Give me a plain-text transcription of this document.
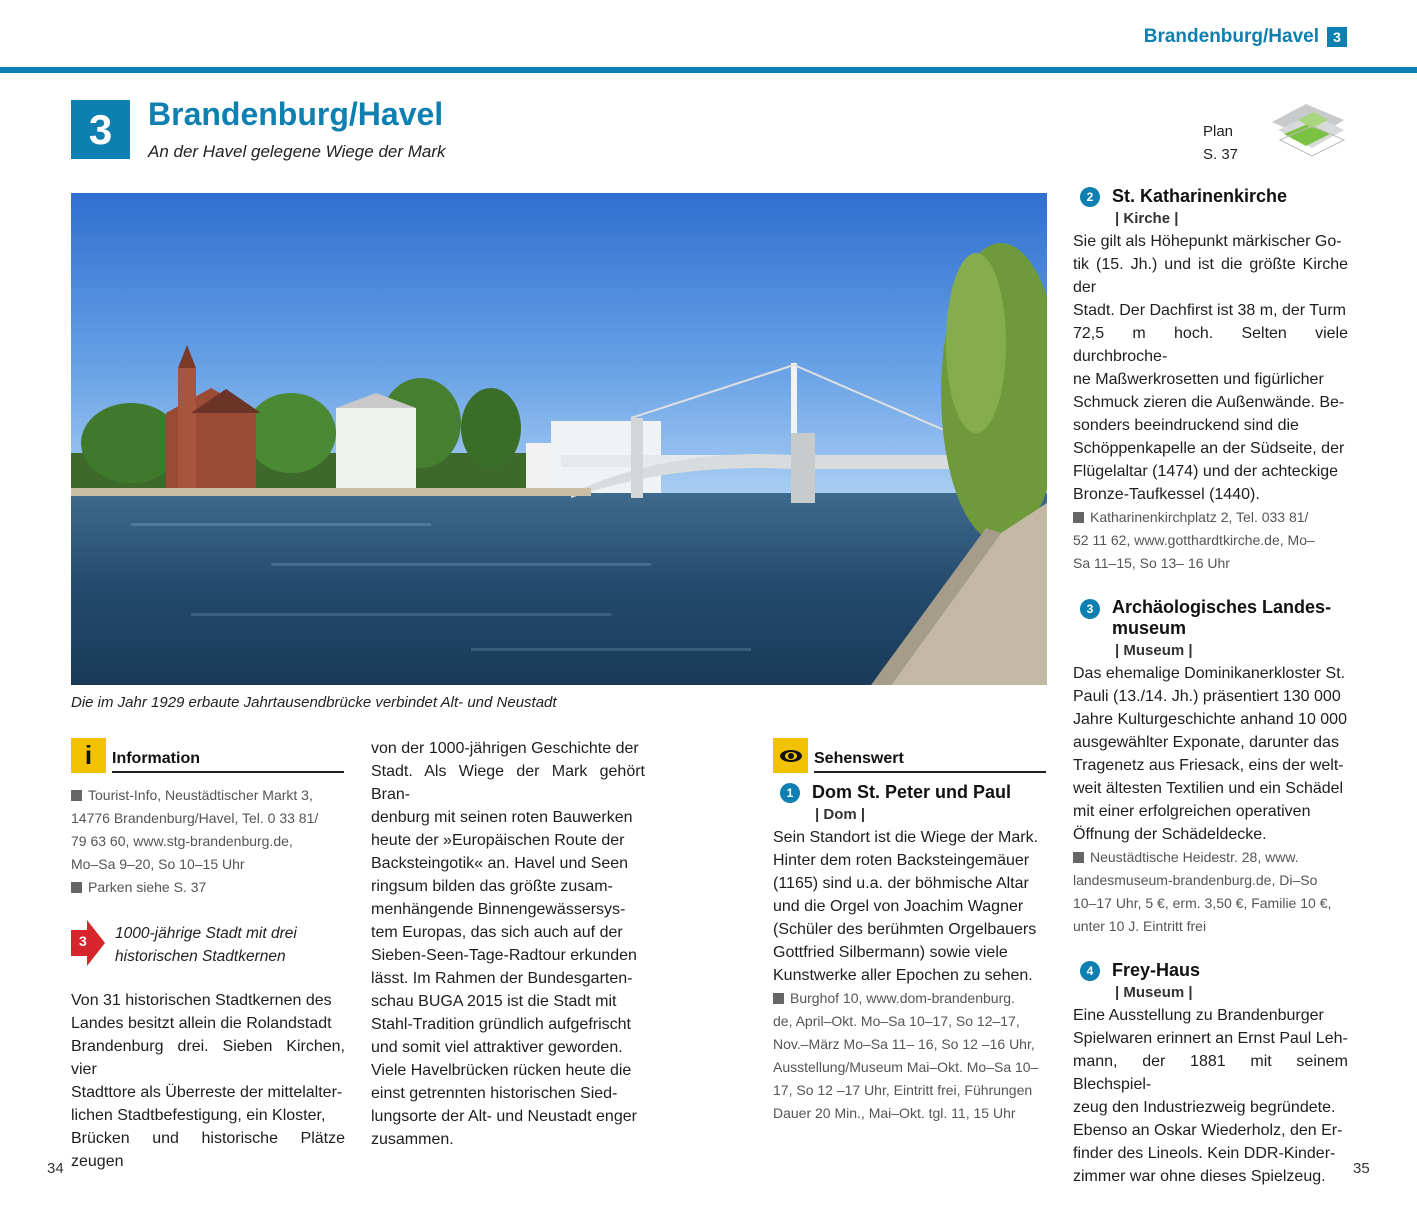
Brandenburg/Havel	3
3	Brandenburg/Havel
An der Havel gelegene Wiege der Mark
Plan
S. 37
Die im Jahr 1929 erbaute Jahrtausendbrücke verbindet Alt- und Neustadt
i	Information
Tourist-Info, Neustädtischer Markt 3,
14776 Brandenburg/Havel, Tel. 0 33 81/
79 63 60, www.stg-brandenburg.de,
Mo–Sa 9–20, So 10–15 Uhr
Parken siehe S. 37
3 1000-jährige Stadt mit drei
historischen Stadtkernen
Von 31 historischen Stadtkernen des
Landes besitzt allein die Rolandstadt
Brandenburg drei. Sieben Kirchen, vier
Stadttore als Überreste der mittelalter-
lichen Stadtbefestigung, ein Kloster,
Brücken und historische Plätze zeugen
von der 1000-jährigen Geschichte der
Stadt. Als Wiege der Mark gehört Bran-
denburg mit seinen roten Bauwerken
heute der »Europäischen Route der
Backsteingotik« an. Havel und Seen
ringsum bilden das größte zusam-
menhängende Binnengewässersys-
tem Europas, das sich auch auf der
Sieben-Seen-Tage-Radtour erkunden
lässt. Im Rahmen der Bundesgarten-
schau BUGA 2015 ist die Stadt mit
Stahl-Tradition gründlich aufgefrischt
und somit viel attraktiver geworden.
Viele Havelbrücken rücken heute die
einst getrennten historischen Sied-
lungsorte der Alt- und Neustadt enger
zusammen.
Sehenswert
1	Dom St. Peter und Paul
| Dom |
Sein Standort ist die Wiege der Mark.
Hinter dem roten Backsteingemäuer
(1165) sind u.a. der böhmische Altar
und die Orgel von Joachim Wagner
(Schüler des berühmten Orgelbauers
Gottfried Silbermann) sowie viele
Kunstwerke aller Epochen zu sehen.
Burghof 10, www.dom-brandenburg.
de, April–Okt. Mo–Sa 10–17, So 12–17,
Nov.–März Mo–Sa 11– 16, So 12 –16 Uhr,
Ausstellung/Museum Mai–Okt. Mo–Sa 10–
17, So 12 –17 Uhr, Eintritt frei, Führungen
Dauer 20 Min., Mai–Okt. tgl. 11, 15 Uhr
2	St. Katharinenkirche
| Kirche |
Sie gilt als Höhepunkt märkischer Go-
tik (15. Jh.) und ist die größte Kirche der
Stadt. Der Dachfirst ist 38 m, der Turm
72,5 m hoch. Selten viele durchbroche-
ne Maßwerkrosetten und figürlicher
Schmuck zieren die Außenwände. Be-
sonders beeindruckend sind die
Schöppenkapelle an der Südseite, der
Flügelaltar (1474) und der achteckige
Bronze-Taufkessel (1440).
Katharinenkirchplatz 2, Tel. 033 81/
52 11 62, www.gotthardtkirche.de, Mo–
Sa 11–15, So 13– 16 Uhr
3	Archäologisches Landes-
museum
| Museum |
Das ehemalige Dominikanerkloster St.
Pauli (13./14. Jh.) präsentiert 130 000
Jahre Kulturgeschichte anhand 10 000
ausgewählter Exponate, darunter das
Tragenetz aus Friesack, eins der welt-
weit ältesten Textilien und ein Schädel
mit einer erfolgreichen operativen
Öffnung der Schädeldecke.
Neustädtische Heidestr. 28, www.
landesmuseum-brandenburg.de, Di–So
10–17 Uhr, 5 €, erm. 3,50 €, Familie 10 €,
unter 10 J. Eintritt frei
4	Frey-Haus
| Museum |
Eine Ausstellung zu Brandenburger
Spielwaren erinnert an Ernst Paul Leh-
mann, der 1881 mit seinem Blechspiel-
zeug den Industriezweig begründete.
Ebenso an Oskar Wiederholz, den Er-
finder des Lineols. Kein DDR-Kinder-
zimmer war ohne dieses Spielzeug.
34	35
